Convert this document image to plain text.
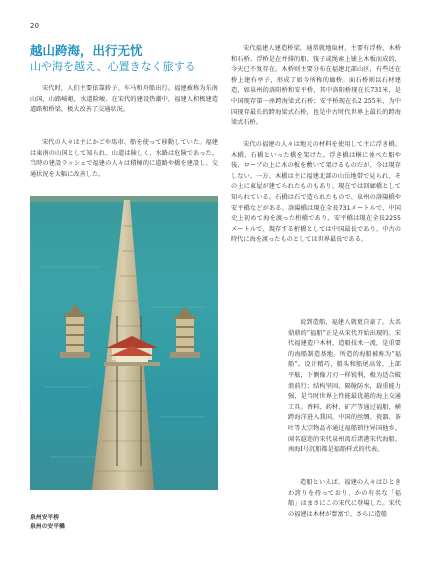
20
越山跨海，出行无忧
山や海を越え、心置きなく旅する

宋代时，人们主要依靠轿子、车马和舟船出行。福建被称为东南山国，山路崎岖，水道险峻。在宋代的建设热潮中，福建人积极建造道路和桥梁，极大改善了交通状况。

宋代の人々は主にかごや馬車、船を使って移動していた。福建は東南の山国として知られ、山道は険しく、水路は危険であった。当時の建設ラッシュで福建の人々は積極的に道路や橋を建設し、交通状況を大幅に改善した。

泉州安平桥
泉州の安平橋

宋代福建人建造桥梁，通常就地取材，主要有浮桥、木桥和石桥。浮桥是在并排的船、筏子或绳索上铺上木板而成的，今天已不复存在。木桥则主要分布在福建北部山区，有些还在桥上建有亭子，形成了如今所称的廊桥。面石桥则以石材建造，如泉州的洛阳桥和安平桥，其中洛阳桥现在长731米，是中国现存第一座跨海梁式石桥；安平桥现在长2 255米，为中国现存最长的跨海梁式石桥，也是中古时代世界上最长的跨海梁式石桥。

宋代の福建の人々は地元の材料を使用して主に浮き橋、木橋、石橋といった橋を架けた。浮き橋は横に並べた船や筏、ロープの上に木の板を敷いて架けるものだが、今は現存しない。一方、木橋は主に福建北部の山岳地帯で見られ、その上に東屋が建てられたものもあり、現在では回廊橋として知られている。石橋は石で造られたもので、泉州の洛陽橋や安平橋などがある。洛陽橋は現在全長731メートルで、中国史上初めて海を渡った桁橋であり、安平橋は現在全長2255メートルで、現存する桁橋としては中国最長であり、中古の時代に海を渡ったものとしては世界最長である。

说到造船，福建人就更自豪了。大名鼎鼎的“福船”正是从宋代开始出现的。宋代福建造户木材，造船技术一流，是重要的海船制造基地。所造的海船被称为“福船”。设计精巧，船头和船尾高耸，上部平舷，下侧像刀刃一样锐利，极为适合破浪前行；结构坚固，隔舱防水，载重能力强，是当时世界上性能最优越的海上交通工具。香料、药材、矿产等通过福船，横跨海洋进入我国，中国的丝绸、瓷器、茶叶等大宗物品亦通过福船销往异国他乡。闻名遐迩的宋代泉州湾后渚港宋代海船、南海Ⅰ号沉船都是福船样式的代表。

造船といえば、福建の人々はひときわ誇りを持っており、かの有名な「福船」はまさにこの宋代に登場した。宋代の福建は木材が豊富で、さらに造船
